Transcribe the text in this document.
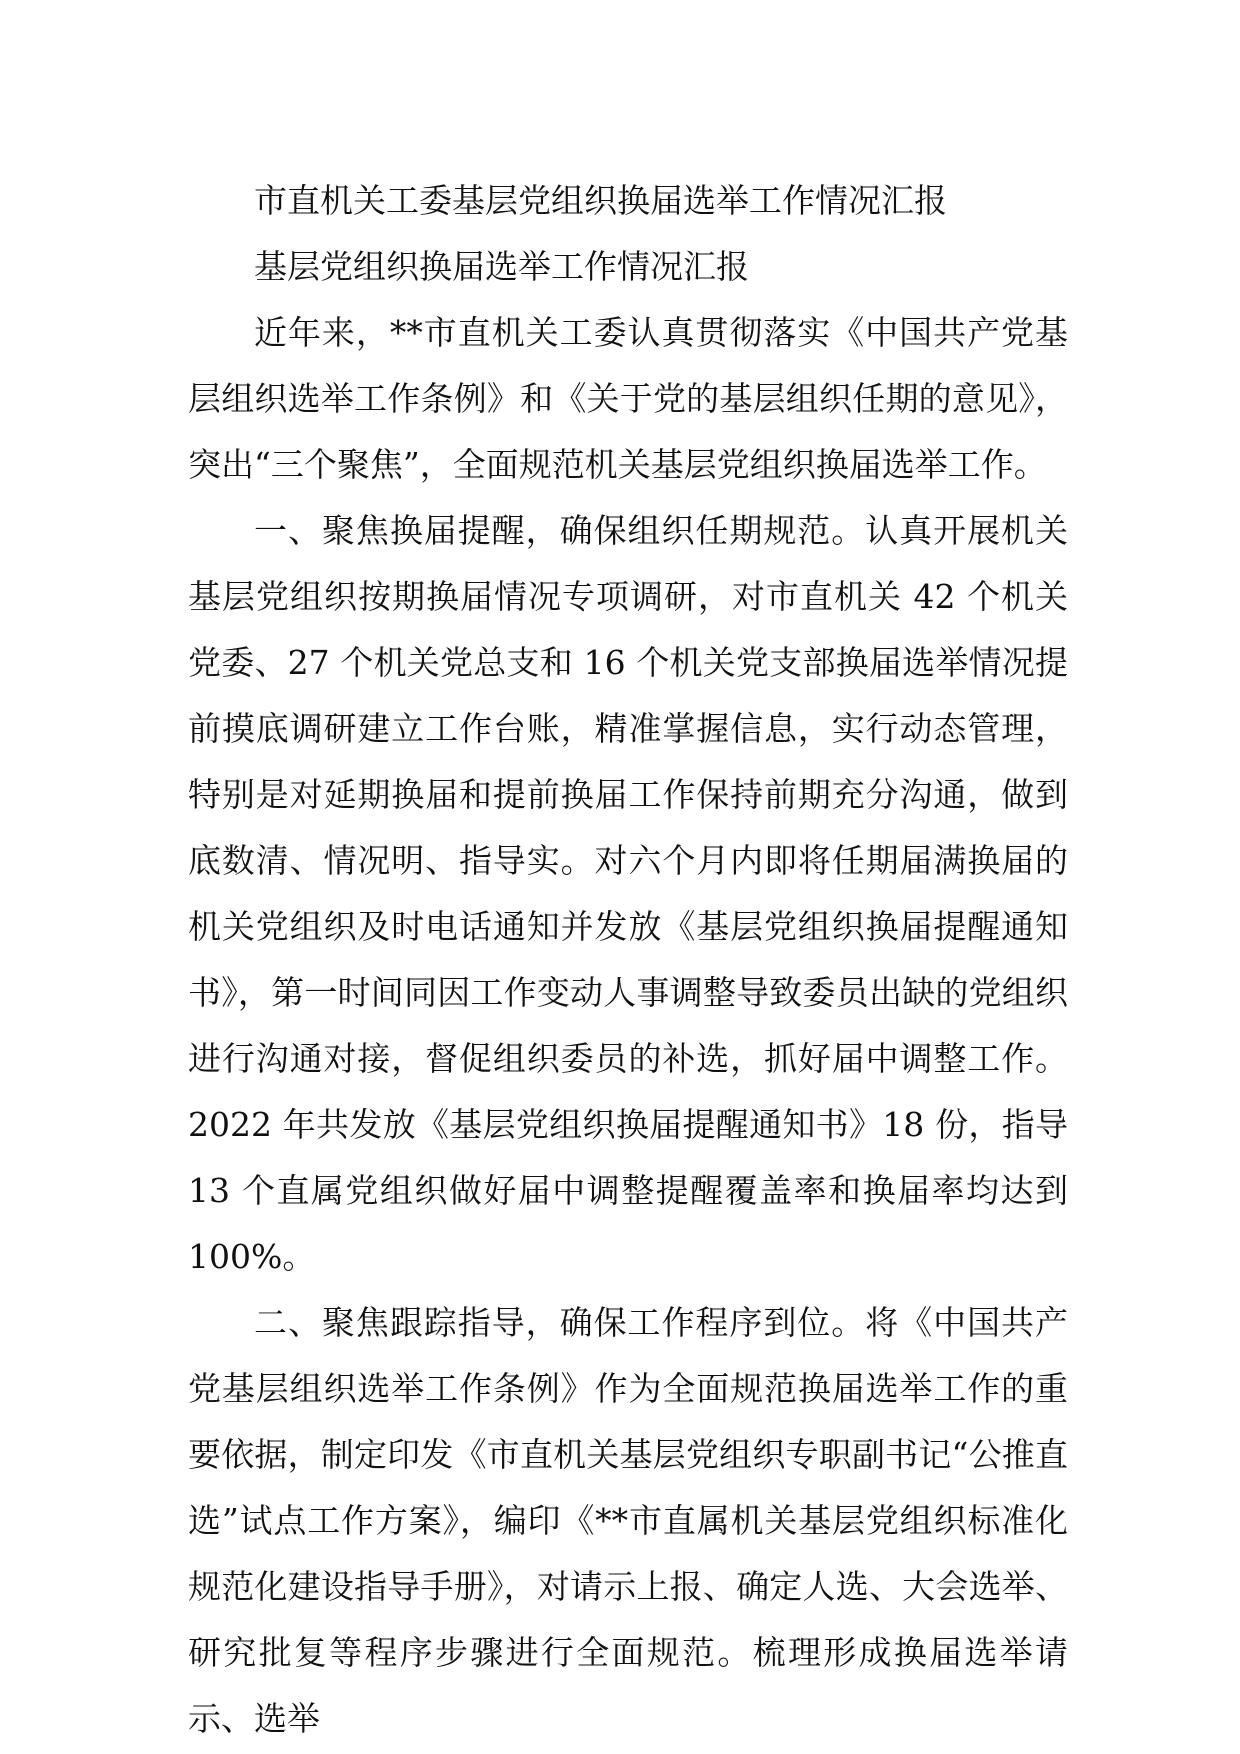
市直机关工委基层党组织换届选举工作情况汇报

基层党组织换届选举工作情况汇报

近年来，**市直机关工委认真贯彻落实《中国共产党基层组织选举工作条例》和《关于党的基层组织任期的意见》，突出“三个聚焦”，全面规范机关基层党组织换届选举工作。

一、聚焦换届提醒，确保组织任期规范。认真开展机关基层党组织按期换届情况专项调研，对市直机关 42 个机关党委、27 个机关党总支和 16 个机关党支部换届选举情况提前摸底调研建立工作台账，精准掌握信息，实行动态管理，特别是对延期换届和提前换届工作保持前期充分沟通，做到底数清、情况明、指导实。对六个月内即将任期届满换届的机关党组织及时电话通知并发放《基层党组织换届提醒通知书》，第一时间同因工作变动人事调整导致委员出缺的党组织进行沟通对接，督促组织委员的补选，抓好届中调整工作。2022 年共发放《基层党组织换届提醒通知书》18 份，指导 13 个直属党组织做好届中调整提醒覆盖率和换届率均达到 100%。

二、聚焦跟踪指导，确保工作程序到位。将《中国共产党基层组织选举工作条例》作为全面规范换届选举工作的重要依据，制定印发《市直机关基层党组织专职副书记“公推直选”试点工作方案》，编印《**市直属机关基层党组织标准化规范化建设指导手册》，对请示上报、确定人选、大会选举、研究批复等程序步骤进行全面规范。梳理形成换届选举请示、选举
